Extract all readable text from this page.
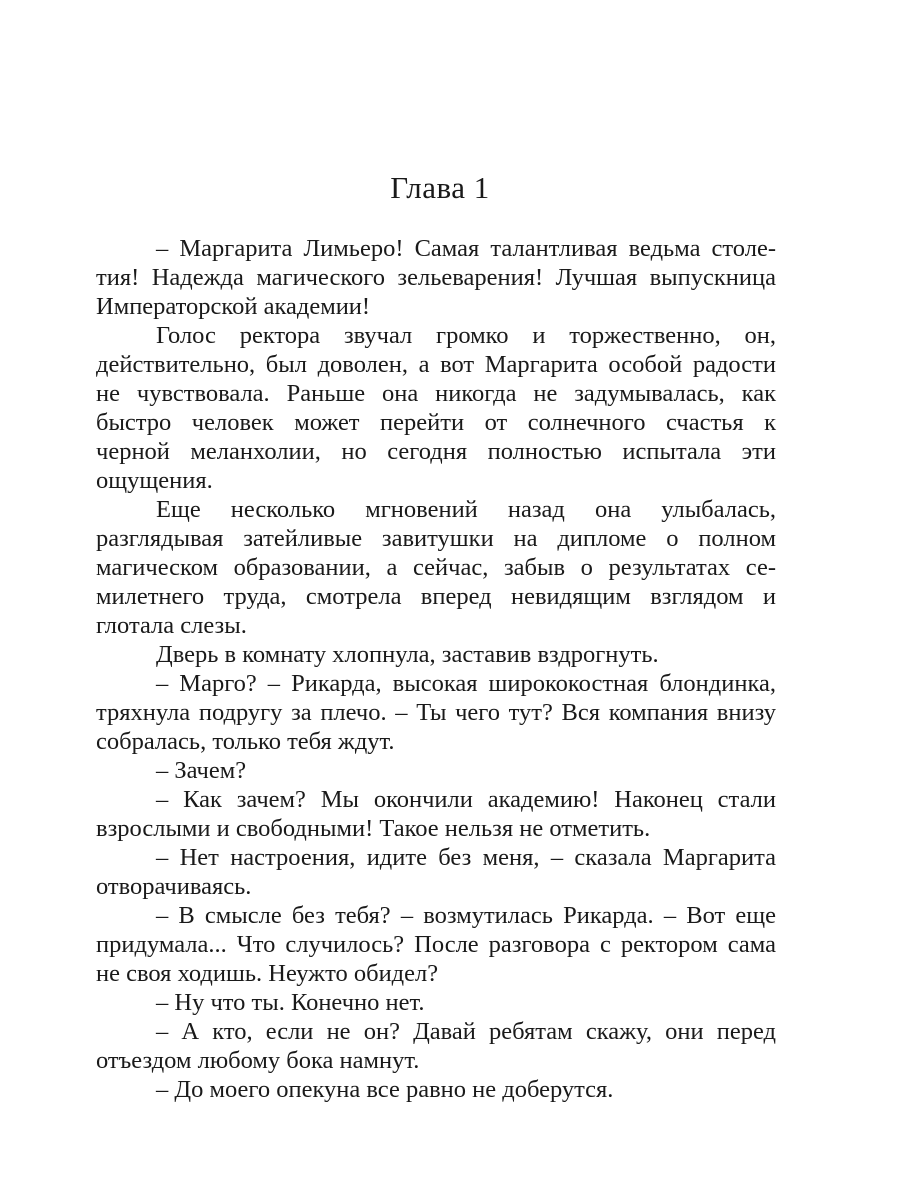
Глава 1
– Маргарита Лимьеро! Самая талантливая ведьма столе-
тия! Надежда магического зельеварения! Лучшая выпускница
Императорской академии!
Голос ректора звучал громко и торжественно, он,
действительно, был доволен, а вот Маргарита особой радости
не чувствовала. Раньше она никогда не задумывалась, как
быстро человек может перейти от солнечного счастья к
черной меланхолии, но сегодня полностью испытала эти
ощущения.
Еще несколько мгновений назад она улыбалась,
разглядывая затейливые завитушки на дипломе о полном
магическом образовании, а сейчас, забыв о результатах се-
милетнего труда, смотрела вперед невидящим взглядом и
глотала слезы.
Дверь в комнату хлопнула, заставив вздрогнуть.
– Марго? – Рикарда, высокая ширококостная блондинка,
тряхнула подругу за плечо. – Ты чего тут? Вся компания внизу
собралась, только тебя ждут.
– Зачем?
– Как зачем? Мы окончили академию! Наконец стали
взрослыми и свободными! Такое нельзя не отметить.
– Нет настроения, идите без меня, – сказала Маргарита
отворачиваясь.
– В смысле без тебя? – возмутилась Рикарда. – Вот еще
придумала... Что случилось? После разговора с ректором сама
не своя ходишь. Неужто обидел?
– Ну что ты. Конечно нет.
– А кто, если не он? Давай ребятам скажу, они перед
отъездом любому бока намнут.
– До моего опекуна все равно не доберутся.
